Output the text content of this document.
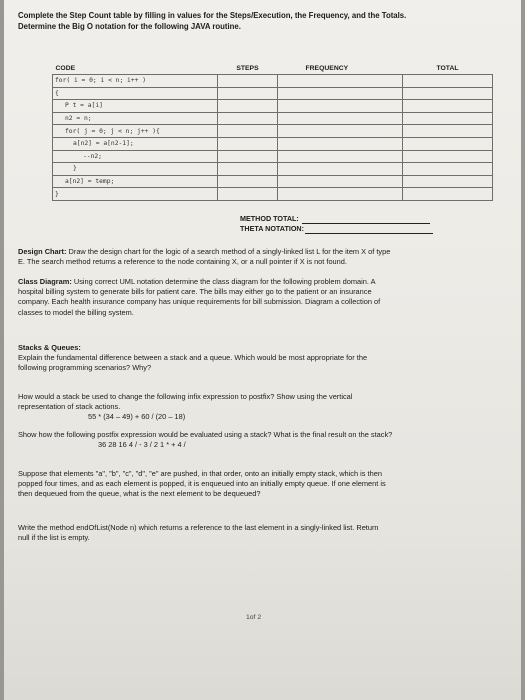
Complete the Step Count table by filling in values for the Steps/Execution, the Frequency, and the Totals.
Determine the Big O notation for the following JAVA routine.
CODE	STEPS	FREQUENCY	TOTAL
for( i = 0; i < n; i++ )			
{			
P t = a[i]			
n2 = n;			
for( j = 0; j < n; j++ ){			
a[n2] = a[n2-1];			
--n2;			
}			
a[n2] = temp;			
}			
METHOD TOTAL:
THETA NOTATION:
Design Chart: Draw the design chart for the logic of a search method of a singly-linked list L for the item X of type
E. The search method returns a reference to the node containing X, or a null pointer if X is not found.
Class Diagram: Using correct UML notation determine the class diagram for the following problem domain. A
hospital billing system to generate bills for patient care. The bills may either go to the patient or an insurance
company. Each health insurance company has unique requirements for bill submission. Diagram a collection of
classes to model the billing system.
Stacks & Queues:
Explain the fundamental difference between a stack and a queue. Which would be most appropriate for the
following programming scenarios? Why?
How would a stack be used to change the following infix expression to postfix? Show using the vertical
representation of stack actions.
55 * (34 – 49) + 60 / (20 – 18)
Show how the following postfix expression would be evaluated using a stack? What is the final result on the stack?
36 28 16 4 / - 3 / 2 1 * + 4 /
Suppose that elements "a", "b", "c", "d", "e" are pushed, in that order, onto an initially empty stack, which is then
popped four times, and as each element is popped, it is enqueued into an initially empty queue. If one element is
then dequeued from the queue, what is the next element to be dequeued?
Write the method endOfList(Node n) which returns a reference to the last element in a singly-linked list. Return
null if the list is empty.
1of 2
